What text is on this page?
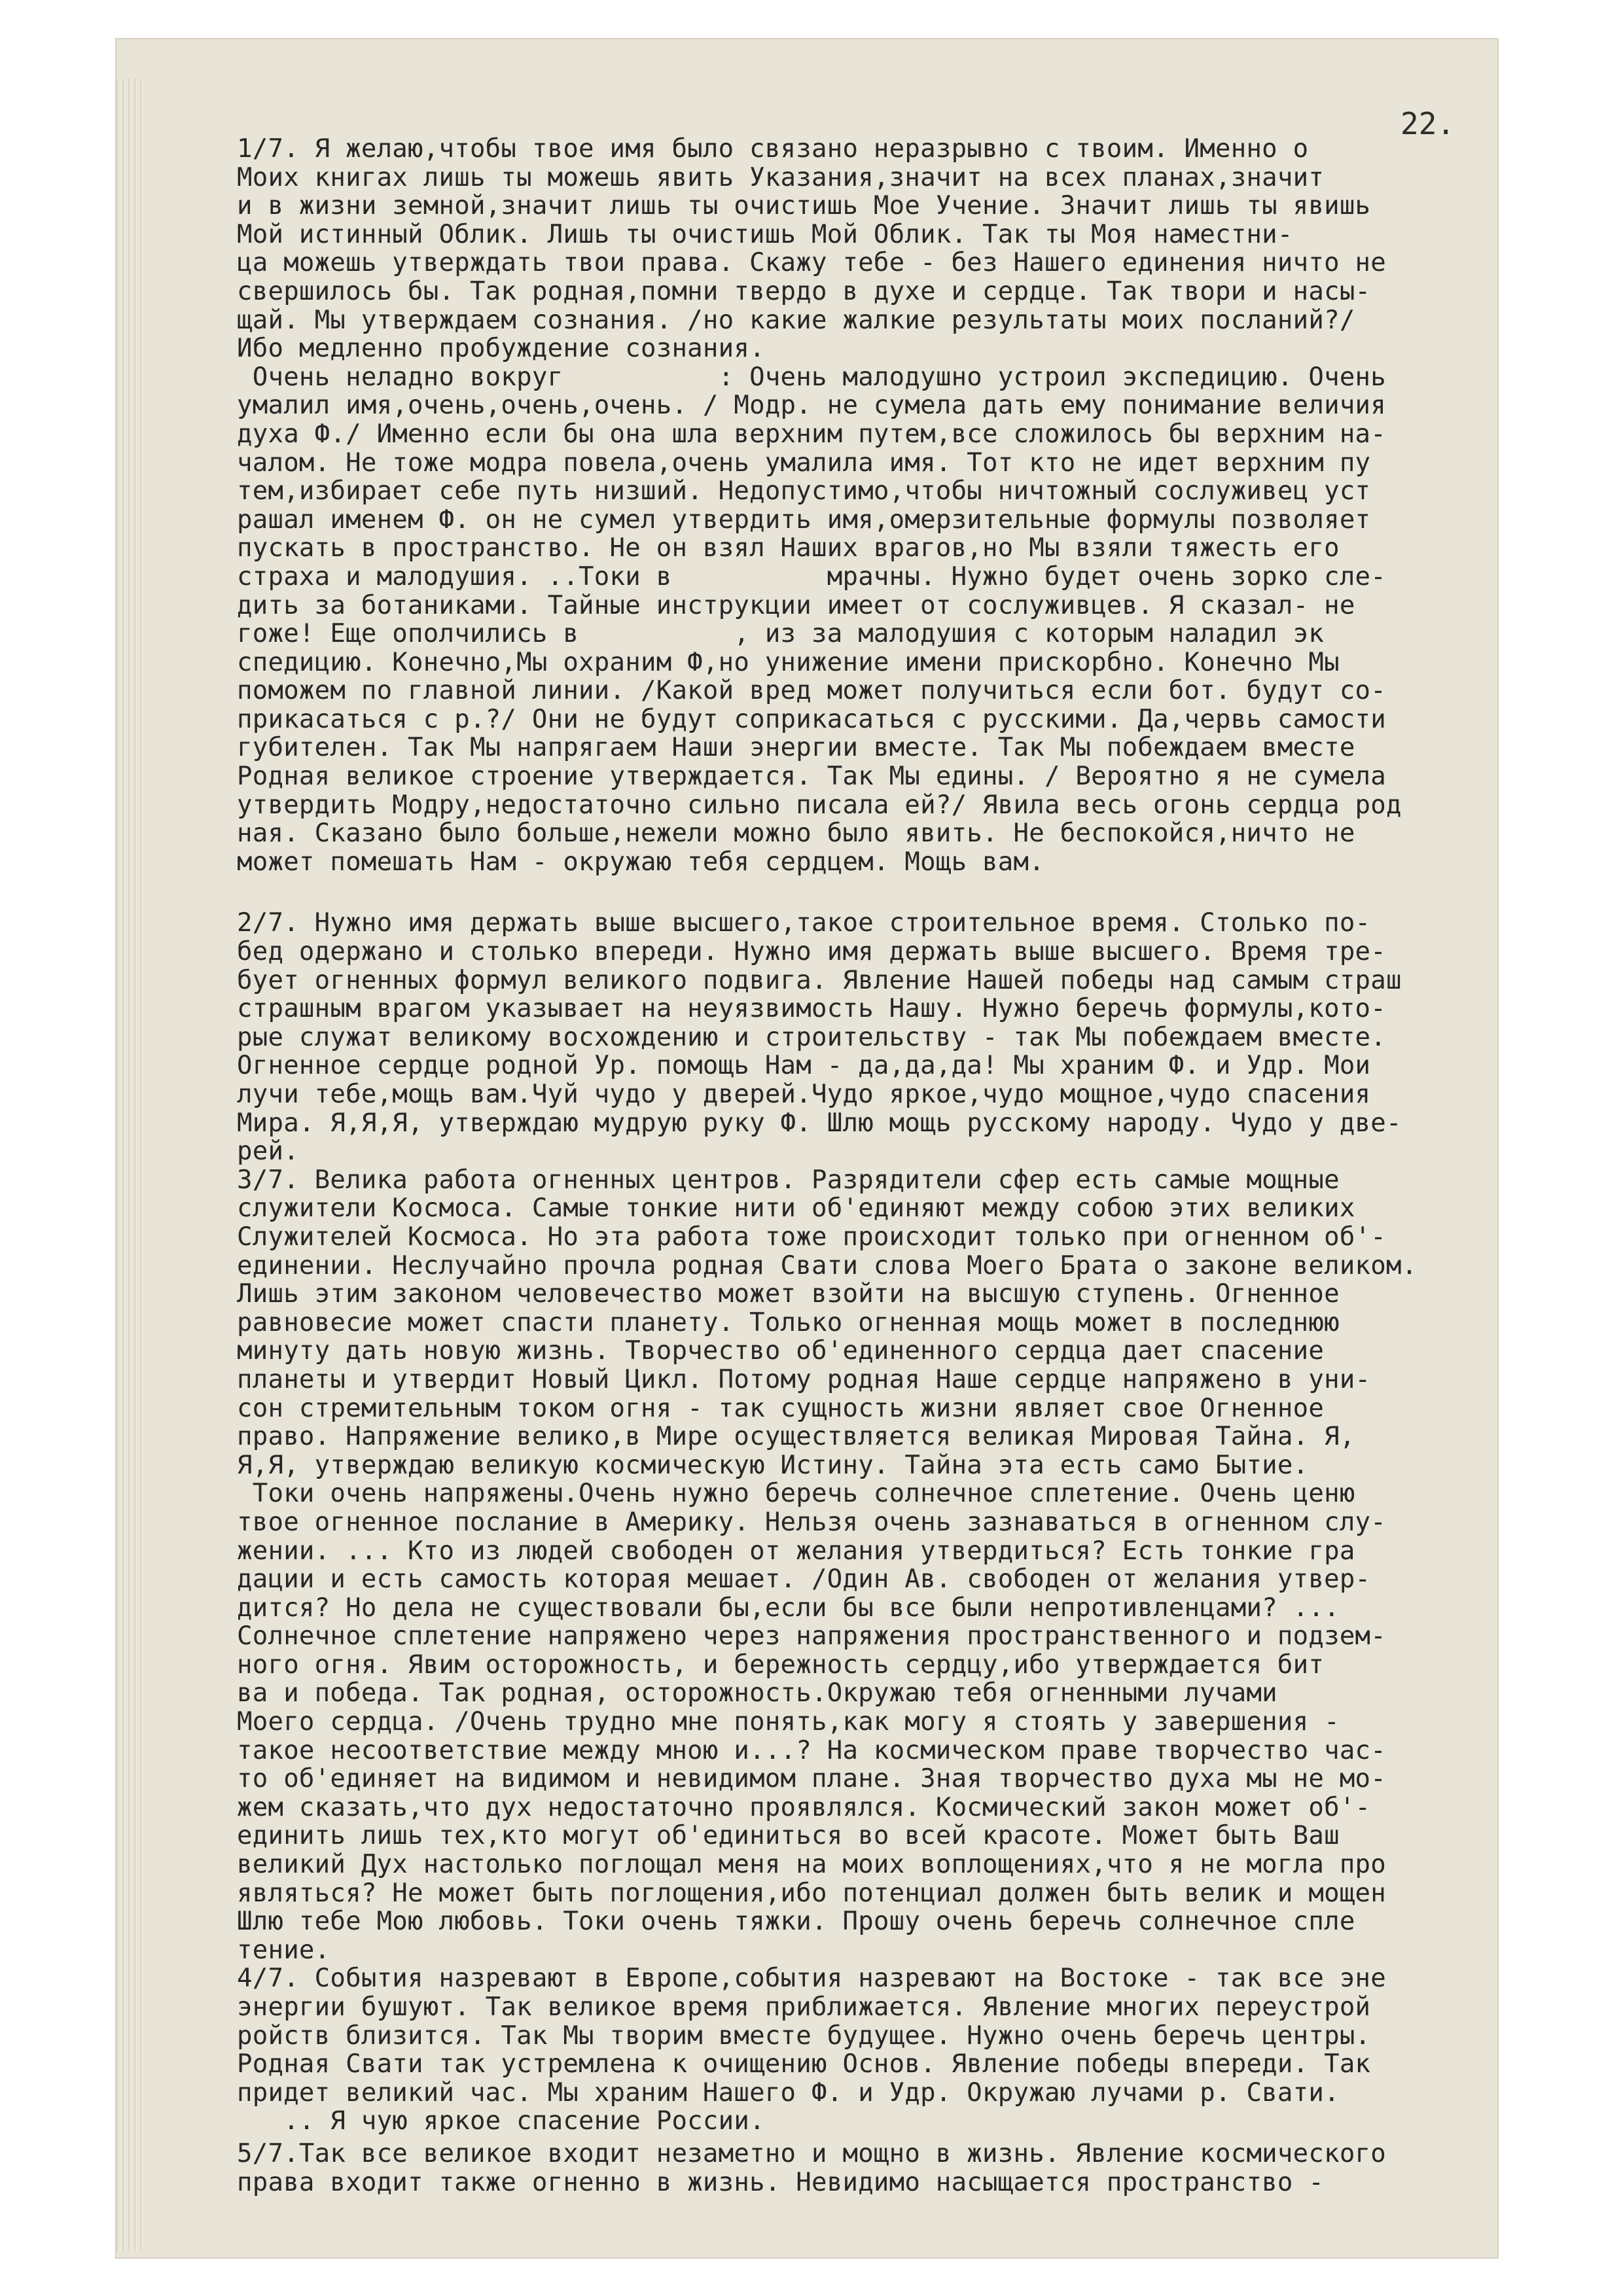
22.
1/7. Я желаю,чтобы твое имя было связано неразрывно с твоим. Именно о
Моих книгах лишь ты можешь явить Указания,значит на всех планах,значит
и в жизни земной,значит лишь ты очистишь Мое Учение. Значит лишь ты явишь
Мой истинный Облик. Лишь ты очистишь Мой Облик. Так ты Моя наместни-
ца можешь утверждать твои права. Скажу тебе - без Нашего единения ничто не
свершилось бы. Так родная,помни твердо в духе и сердце. Так твори и насы-
щай. Мы утверждаем сознания. /но какие жалкие результаты моих посланий?/
Ибо медленно пробуждение сознания.
Очень неладно вокруг          : Очень малодушно устроил экспедицию. Очень
умалил имя,очень,очень,очень. / Модр. не сумела дать ему понимание величия
духа Ф./ Именно если бы она шла верхним путем,все сложилось бы верхним на-
чалом. Не тоже модра повела,очень умалила имя. Тот кто не идет верхним пу
тем,избирает себе путь низший. Недопустимо,чтобы ничтожный сослуживец уст
рашал именем Ф. он не сумел утвердить имя,омерзительные формулы позволяет
пускать в пространство. Не он взял Наших врагов,но Мы взяли тяжесть его
страха и малодушия. ..Токи в          мрачны. Нужно будет очень зорко сле-
дить за ботаниками. Тайные инструкции имеет от сослуживцев. Я сказал- не
гоже! Еще ополчились в          , из за малодушия с которым наладил эк
спедицию. Конечно,Мы охраним Ф,но унижение имени прискорбно. Конечно Мы
поможем по главной линии. /Какой вред может получиться если бот. будут со-
прикасаться с р.?/ Они не будут соприкасаться с русскими. Да,червь самости
губителен. Так Мы напрягаем Наши энергии вместе. Так Мы побеждаем вместе
Родная великое строение утверждается. Так Мы едины. / Вероятно я не сумела
утвердить Модру,недостаточно сильно писала ей?/ Явила весь огонь сердца род
ная. Сказано было больше,нежели можно было явить. Не беспокойся,ничто не
может помешать Нам - окружаю тебя сердцем. Мощь вам.
2/7. Нужно имя держать выше высшего,такое строительное время. Столько по-
бед одержано и столько впереди. Нужно имя держать выше высшего. Время тре-
бует огненных формул великого подвига. Явление Нашей победы над самым страш
страшным врагом указывает на неуязвимость Нашу. Нужно беречь формулы,кото-
рые служат великому восхождению и строительству - так Мы побеждаем вместе.
Огненное сердце родной Ур. помощь Нам - да,да,да! Мы храним Ф. и Удр. Мои
лучи тебе,мощь вам.Чуй чудо у дверей.Чудо яркое,чудо мощное,чудо спасения
Мира. Я,Я,Я, утверждаю мудрую руку Ф. Шлю мощь русскому народу. Чудо у две-
рей.
3/7. Велика работа огненных центров. Разрядители сфер есть самые мощные
служители Космоса. Самые тонкие нити об'единяют между собою этих великих
Служителей Космоса. Но эта работа тоже происходит только при огненном об'-
единении. Неслучайно прочла родная Свати слова Моего Брата о законе великом.
Лишь этим законом человечество может взойти на высшую ступень. Огненное
равновесие может спасти планету. Только огненная мощь может в последнюю
минуту дать новую жизнь. Творчество об'единенного сердца дает спасение
планеты и утвердит Новый Цикл. Потому родная Наше сердце напряжено в уни-
сон стремительным током огня - так сущность жизни являет свое Огненное
право. Напряжение велико,в Мире осуществляется великая Мировая Тайна. Я,
Я,Я, утверждаю великую космическую Истину. Тайна эта есть само Бытие.
Токи очень напряжены.Очень нужно беречь солнечное сплетение. Очень ценю
твое огненное послание в Америку. Нельзя очень зазнаваться в огненном слу-
жении. ... Кто из людей свободен от желания утвердиться? Есть тонкие гра
дации и есть самость которая мешает. /Один Ав. свободен от желания утвер-
дится? Но дела не существовали бы,если бы все были непротивленцами? ...
Солнечное сплетение напряжено через напряжения пространственного и подзем-
ного огня. Явим осторожность, и бережность сердцу,ибо утверждается бит
ва и победа. Так родная, осторожность.Окружаю тебя огненными лучами
Моего сердца. /Очень трудно мне понять,как могу я стоять у завершения -
такое несоответствие между мною и...? На космическом праве творчество час-
то об'единяет на видимом и невидимом плане. Зная творчество духа мы не мо-
жем сказать,что дух недостаточно проявлялся. Космический закон может об'-
единить лишь тех,кто могут об'единиться во всей красоте. Может быть Ваш
великий Дух настолько поглощал меня на моих воплощениях,что я не могла про
являться? Не может быть поглощения,ибо потенциал должен быть велик и мощен
Шлю тебе Мою любовь. Токи очень тяжки. Прошу очень беречь солнечное спле
тение.
4/7. События назревают в Европе,события назревают на Востоке - так все эне
энергии бушуют. Так великое время приближается. Явление многих переустрой
ройств близится. Так Мы творим вместе будущее. Нужно очень беречь центры.
Родная Свати так устремлена к очищению Основ. Явление победы впереди. Так
придет великий час. Мы храним Нашего Ф. и Удр. Окружаю лучами р. Свати.
.. Я чую яркое спасение России.
5/7.Так все великое входит незаметно и мощно в жизнь. Явление космического
права входит также огненно в жизнь. Невидимо насыщается пространство -
